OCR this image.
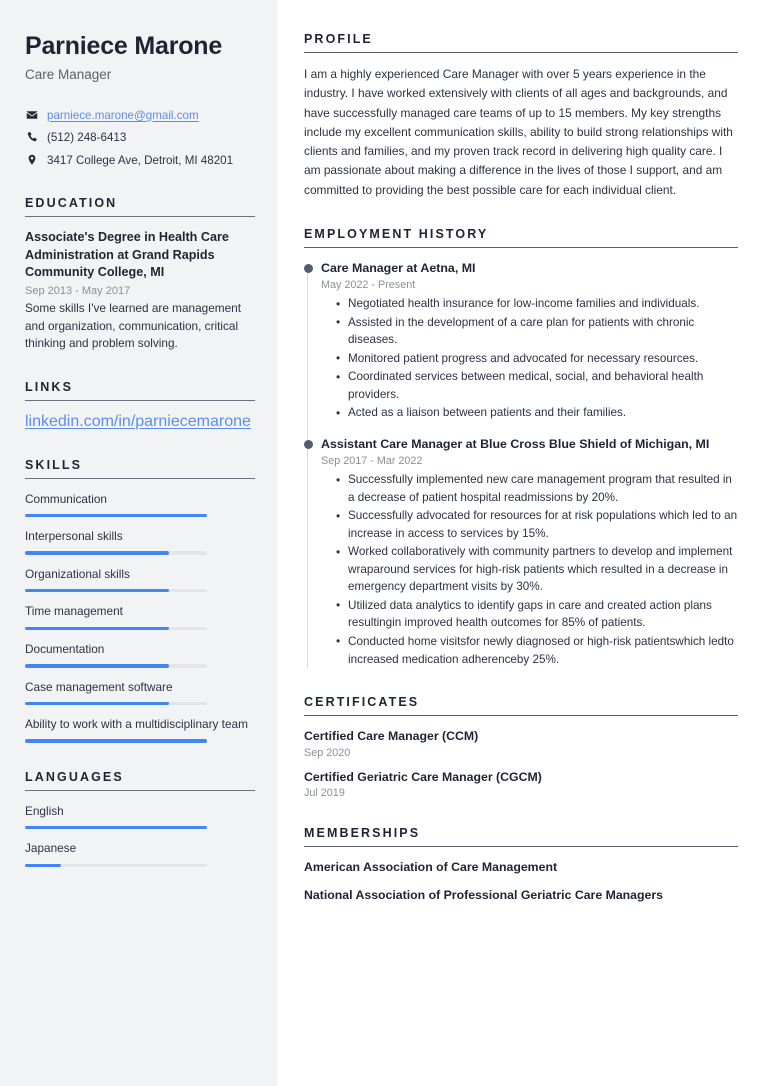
Parniece Marone
Care Manager
parniece.marone@gmail.com
(512) 248-6413
3417 College Ave, Detroit, MI 48201
EDUCATION
Associate's Degree in Health Care Administration at Grand Rapids Community College, MI
Sep 2013 - May 2017
Some skills I've learned are management and organization, communication, critical thinking and problem solving.
LINKS
linkedin.com/in/parniecemarone
SKILLS
Communication
Interpersonal skills
Organizational skills
Time management
Documentation
Case management software
Ability to work with a multidisciplinary team
LANGUAGES
English
Japanese
PROFILE

I am a highly experienced Care Manager with over 5 years experience in the industry. I have worked extensively with clients of all ages and backgrounds, and have successfully managed care teams of up to 15 members. My key strengths include my excellent communication skills, ability to build strong relationships with clients and families, and my proven track record in delivering high quality care. I am passionate about making a difference in the lives of those I support, and am committed to providing the best possible care for each individual client.

EMPLOYMENT HISTORY
Care Manager at Aetna, MI
May 2022 - Present
• Negotiated health insurance for low-income families and individuals.
• Assisted in the development of a care plan for patients with chronic diseases.
• Monitored patient progress and advocated for necessary resources.
• Coordinated services between medical, social, and behavioral health providers.
• Acted as a liaison between patients and their families.
Assistant Care Manager at Blue Cross Blue Shield of Michigan, MI
Sep 2017 - Mar 2022
• Successfully implemented new care management program that resulted in a decrease of patient hospital readmissions by 20%.
• Successfully advocated for resources for at risk populations which led to an increase in access to services by 15%.
• Worked collaboratively with community partners to develop and implement wraparound services for high-risk patients which resulted in a decrease in emergency department visits by 30%.
• Utilized data analytics to identify gaps in care and created action plans resultingin improved health outcomes for 85% of patients.
• Conducted home visitsfor newly diagnosed or high-risk patientswhich ledto increased medication adherenceby 25%.
CERTIFICATES
Certified Care Manager (CCM)
Sep 2020
Certified Geriatric Care Manager (CGCM)
Jul 2019
MEMBERSHIPS
American Association of Care Management
National Association of Professional Geriatric Care Managers
